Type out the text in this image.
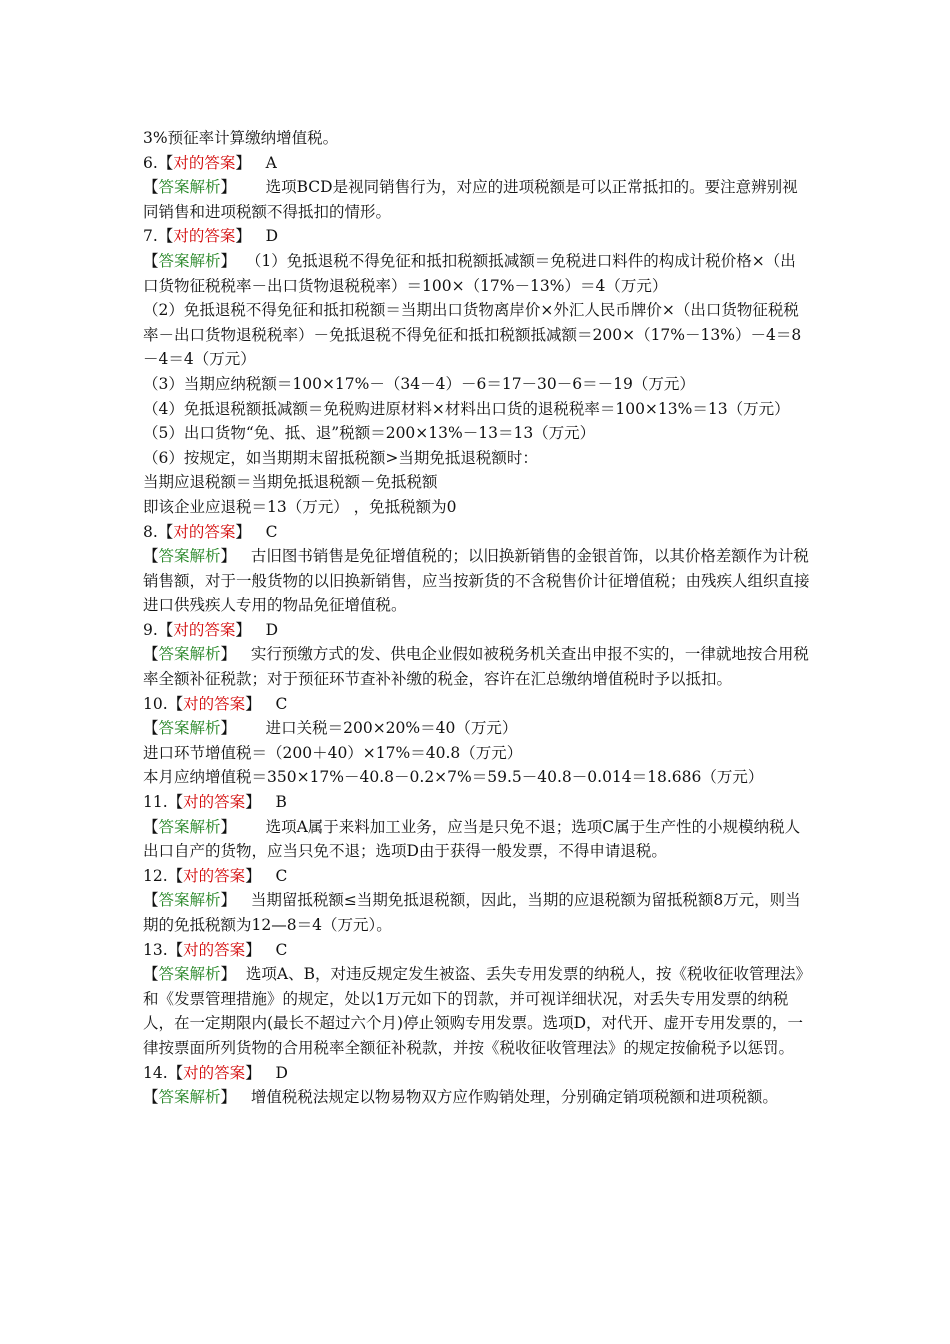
3%预征率计算缴纳增值税。
6.【对的答案】 A
【答案解析】 选项BCD是视同销售行为，对应的进项税额是可以正常抵扣的。要注意辨别视同销售和进项税额不得抵扣的情形。
7.【对的答案】 D
【答案解析】 （1）免抵退税不得免征和抵扣税额抵减额＝免税进口料件的构成计税价格×（出口货物征税税率－出口货物退税税率）＝100×（17%－13%）＝4（万元）
（2）免抵退税不得免征和抵扣税额＝当期出口货物离岸价×外汇人民币牌价×（出口货物征税税率－出口货物退税税率）－免抵退税不得免征和抵扣税额抵减额＝200×（17%－13%）－4＝8－4＝4（万元）
（3）当期应纳税额＝100×17%－（34－4）－6＝17－30－6＝－19（万元）
（4）免抵退税额抵减额＝免税购进原材料×材料出口货的退税税率＝100×13%＝13（万元）
（5）出口货物“免、抵、退”税额＝200×13%－13＝13（万元）
（6）按规定，如当期期末留抵税额>当期免抵退税额时：
当期应退税额＝当期免抵退税额－免抵税额
即该企业应退税＝13（万元） ，免抵税额为0
8.【对的答案】 C
【答案解析】 古旧图书销售是免征增值税的；以旧换新销售的金银首饰，以其价格差额作为计税销售额，对于一般货物的以旧换新销售，应当按新货的不含税售价计征增值税；由残疾人组织直接进口供残疾人专用的物品免征增值税。
9.【对的答案】 D
【答案解析】 实行预缴方式的发、供电企业假如被税务机关查出申报不实的，一律就地按合用税率全额补征税款；对于预征环节查补补缴的税金，容许在汇总缴纳增值税时予以抵扣。
10.【对的答案】 C
【答案解析】 进口关税＝200×20%＝40（万元）
进口环节增值税＝（200＋40）×17%＝40.8（万元）
本月应纳增值税＝350×17%－40.8－0.2×7%＝59.5－40.8－0.014＝18.686（万元）
11.【对的答案】 B
【答案解析】 选项A属于来料加工业务，应当是只免不退；选项C属于生产性的小规模纳税人出口自产的货物，应当只免不退；选项D由于获得一般发票，不得申请退税。
12.【对的答案】 C
【答案解析】 当期留抵税额≤当期免抵退税额，因此，当期的应退税额为留抵税额8万元，则当期的免抵税额为12—8＝4（万元）。
13.【对的答案】 C
【答案解析】 选项A、B，对违反规定发生被盗、丢失专用发票的纳税人，按《税收征收管理法》和《发票管理措施》的规定，处以1万元如下的罚款，并可视详细状况，对丢失专用发票的纳税人，在一定期限内(最长不超过六个月)停止领购专用发票。选项D，对代开、虚开专用发票的，一律按票面所列货物的合用税率全额征补税款，并按《税收征收管理法》的规定按偷税予以惩罚。
14.【对的答案】 D
【答案解析】 增值税税法规定以物易物双方应作购销处理，分别确定销项税额和进项税额。
